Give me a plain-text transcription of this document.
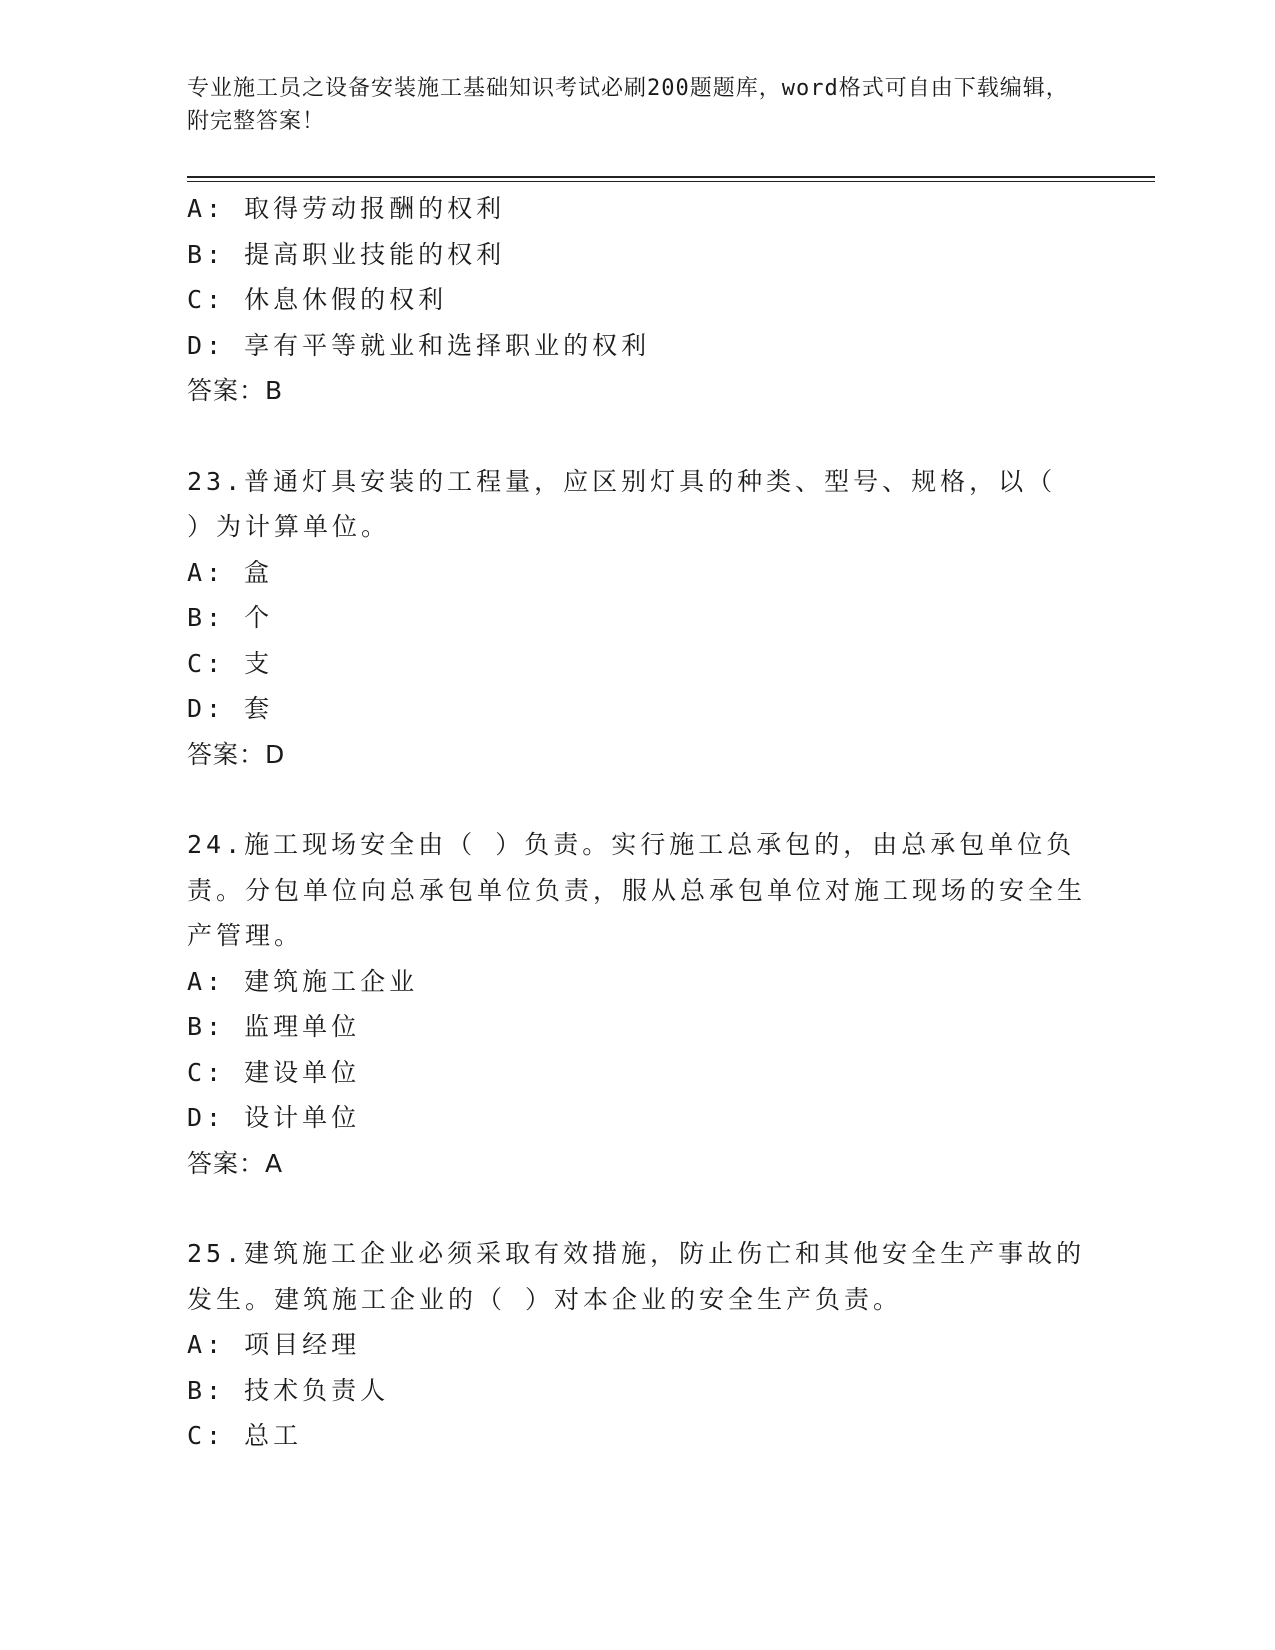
专业施工员之设备安装施工基础知识考试必刷200题题库，word格式可自由下载编辑，附完整答案！

A: 取得劳动报酬的权利

B: 提高职业技能的权利

C: 休息休假的权利

D: 享有平等就业和选择职业的权利

答案：B

23.普通灯具安装的工程量，应区别灯具的种类、型号、规格，以（ ）为计算单位。

A: 盒

B: 个

C: 支

D: 套

答案：D

24.施工现场安全由（ ）负责。实行施工总承包的，由总承包单位负责。分包单位向总承包单位负责，服从总承包单位对施工现场的安全生产管理。

A: 建筑施工企业

B: 监理单位

C: 建设单位

D: 设计单位

答案：A

25.建筑施工企业必须采取有效措施，防止伤亡和其他安全生产事故的发生。建筑施工企业的（ ）对本企业的安全生产负责。

A: 项目经理

B: 技术负责人

C: 总工
